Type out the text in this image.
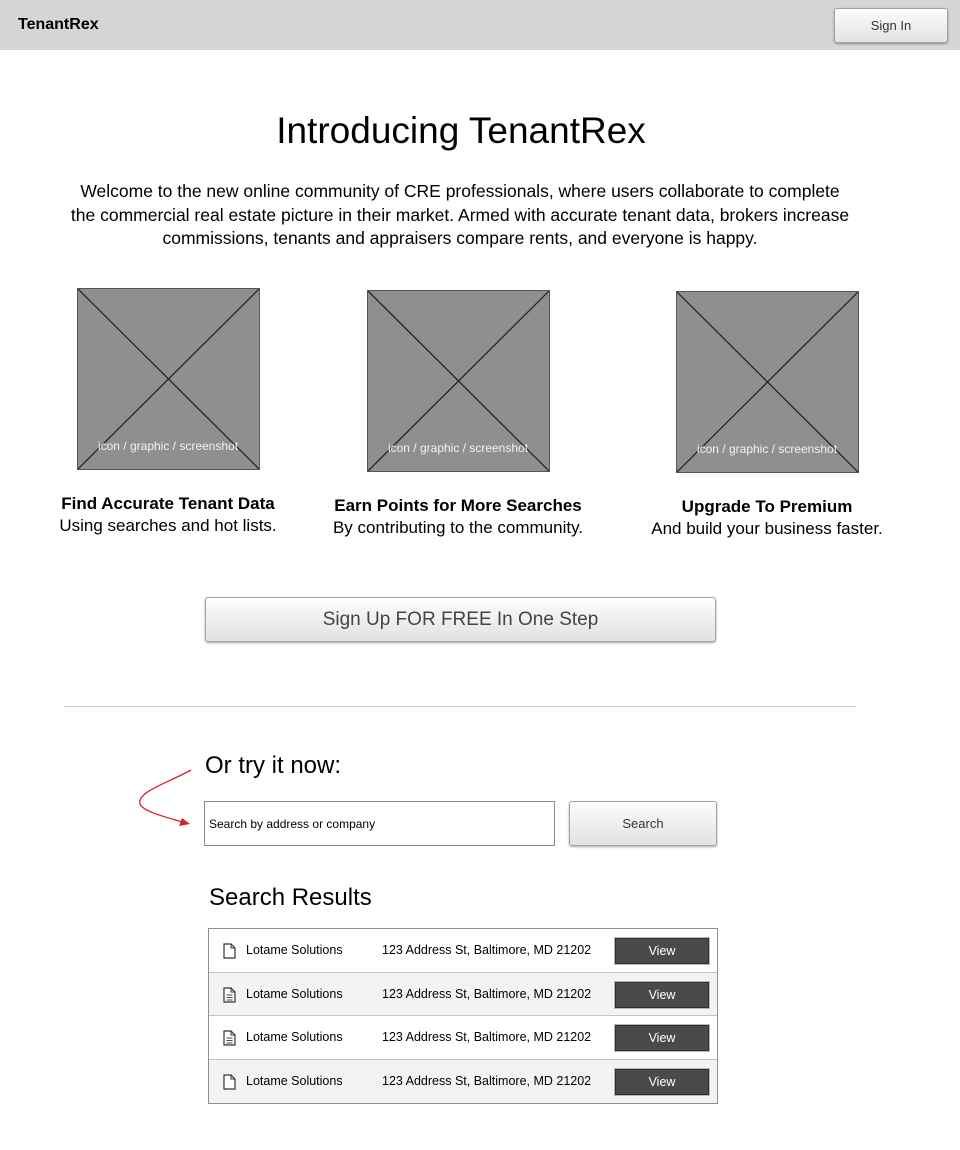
TenantRex	Sign In
Introducing TenantRex

Welcome to the new online community of CRE professionals, where users collaborate to complete the commercial real estate picture in their market. Armed with accurate tenant data, brokers increase commissions, tenants and appraisers compare rents, and everyone is happy.

icon / graphic / screenshot
Find Accurate Tenant Data
Using searches and hot lists.
icon / graphic / screenshot
Earn Points for More Searches
By contributing to the community.
icon / graphic / screenshot
Upgrade To Premium
And build your business faster.
Sign Up FOR FREE In One Step
Or try it now:
Search by address or company
Search
Search Results
Lotame Solutions	123 Address St, Baltimore, MD 21202	View
Lotame Solutions	123 Address St, Baltimore, MD 21202	View
Lotame Solutions	123 Address St, Baltimore, MD 21202	View
Lotame Solutions	123 Address St, Baltimore, MD 21202	View
